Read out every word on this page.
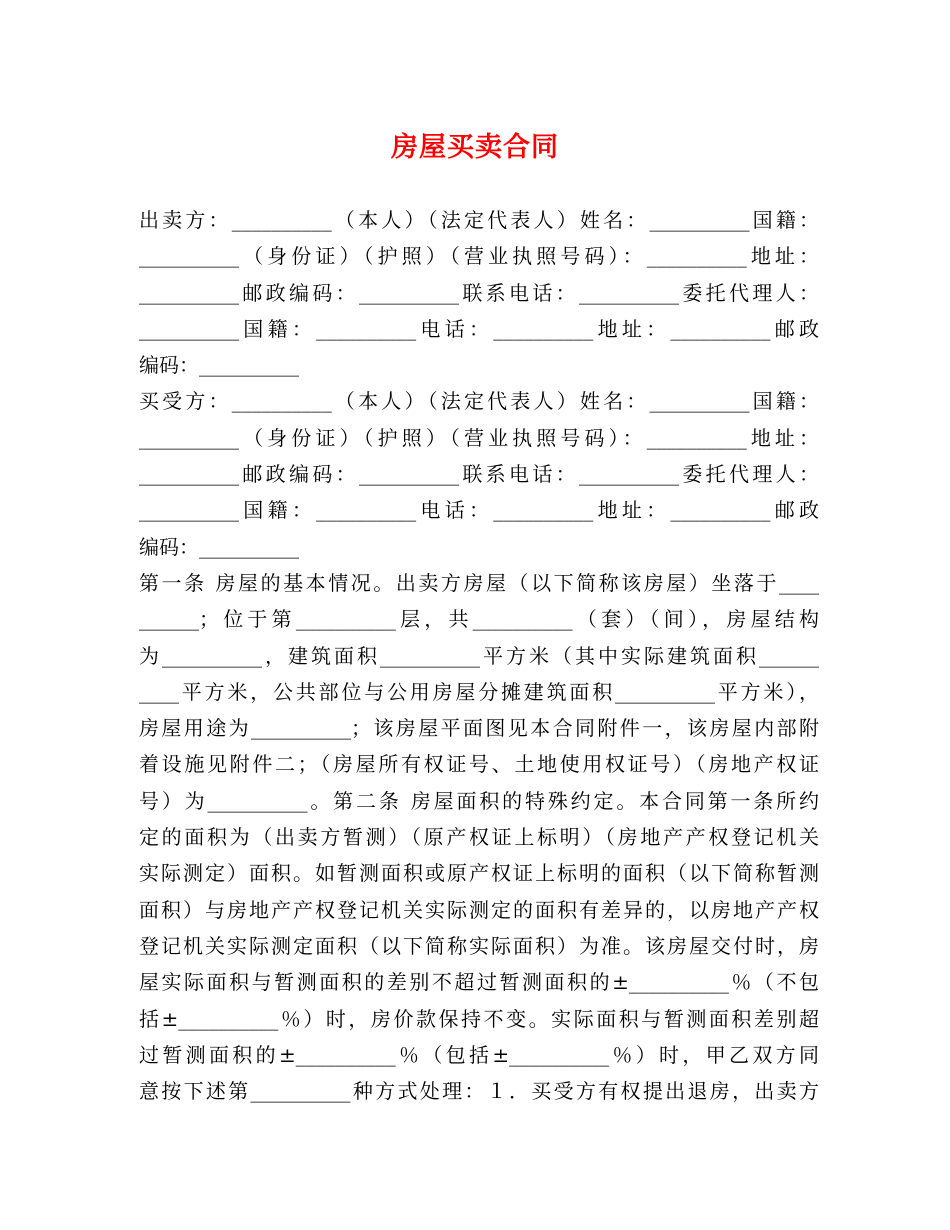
房屋买卖合同
出卖方：__________（本人）（法定代表人）姓名：__________国籍：
__________（身份证）（护照）（营业执照号码）：__________地址：
__________邮政编码：__________联系电话：__________委托代理人：
__________国籍：__________电话：__________地址：__________邮政
编码：__________
买受方：__________（本人）（法定代表人）姓名：__________国籍：
__________（身份证）（护照）（营业执照号码）：__________地址：
__________邮政编码：__________联系电话：__________委托代理人：
__________国籍：__________电话：__________地址：__________邮政
编码：__________
第一条 房屋的基本情况。出卖方房屋（以下简称该房屋）坐落于____
______；位于第__________层，共__________（套）（间），房屋结构
为__________，建筑面积__________平方米（其中实际建筑面积______
____平方米，公共部位与公用房屋分摊建筑面积__________平方米），
房屋用途为__________；该房屋平面图见本合同附件一，该房屋内部附
着设施见附件二；（房屋所有权证号、土地使用权证号）（房地产权证
号）为__________。第二条 房屋面积的特殊约定。本合同第一条所约
定的面积为（出卖方暂测）（原产权证上标明）（房地产产权登记机关
实际测定）面积。如暂测面积或原产权证上标明的面积（以下简称暂测
面积）与房地产产权登记机关实际测定的面积有差异的，以房地产产权
登记机关实际测定面积（以下简称实际面积）为准。该房屋交付时，房
屋实际面积与暂测面积的差别不超过暂测面积的±__________％（不包
括±__________％）时，房价款保持不变。实际面积与暂测面积差别超
过暂测面积的±__________％（包括±__________％）时，甲乙双方同
意按下述第__________种方式处理：１．买受方有权提出退房，出卖方
